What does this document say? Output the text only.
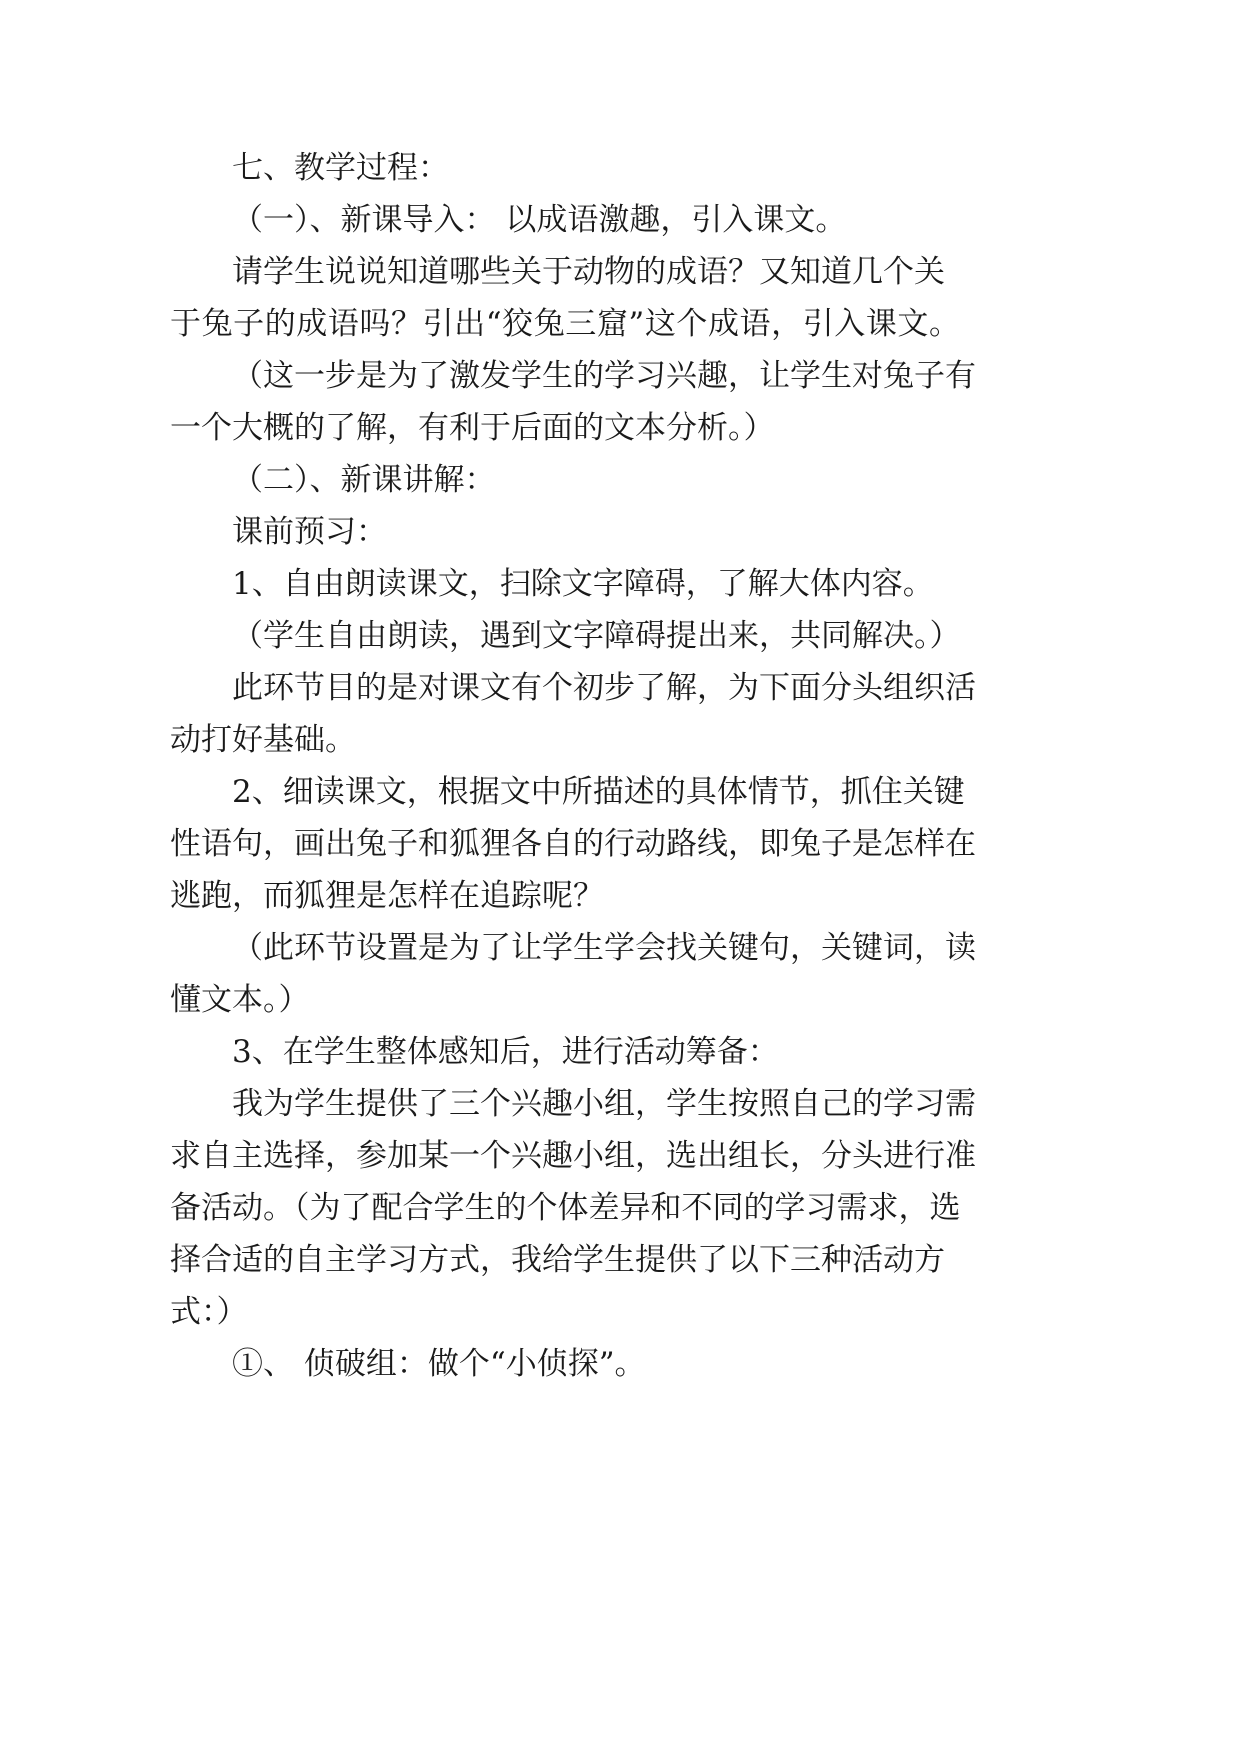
七、教学过程：
（一）、新课导入： 以成语激趣，引入课文。
请学生说说知道哪些关于动物的成语？又知道几个关
于兔子的成语吗？引出“狡兔三窟”这个成语，引入课文。
（这一步是为了激发学生的学习兴趣，让学生对兔子有
一个大概的了解，有利于后面的文本分析。）
（二）、新课讲解：
课前预习：
1、自由朗读课文，扫除文字障碍，了解大体内容。
（学生自由朗读，遇到文字障碍提出来，共同解决。）
此环节目的是对课文有个初步了解，为下面分头组织活
动打好基础。
2、细读课文，根据文中所描述的具体情节，抓住关键
性语句，画出兔子和狐狸各自的行动路线，即兔子是怎样在
逃跑，而狐狸是怎样在追踪呢？
（此环节设置是为了让学生学会找关键句，关键词，读
懂文本。）
3、在学生整体感知后，进行活动筹备：
我为学生提供了三个兴趣小组，学生按照自己的学习需
求自主选择，参加某一个兴趣小组，选出组长，分头进行准
备活动。（为了配合学生的个体差异和不同的学习需求，选
择合适的自主学习方式，我给学生提供了以下三种活动方
式：）
①、 侦破组：做个“小侦探”。
